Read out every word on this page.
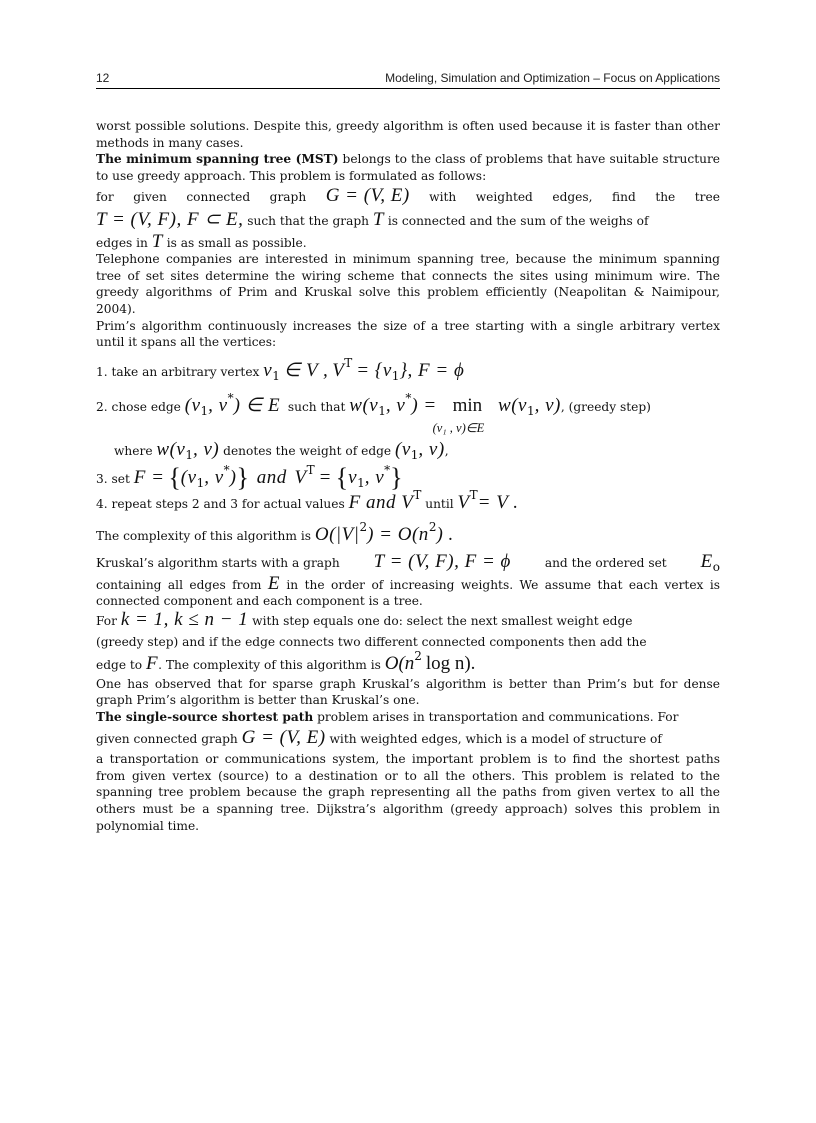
12	Modeling, Simulation and Optimization – Focus on Applications

worst possible solutions. Despite this, greedy algorithm is often used because it is faster than other methods in many cases.

The minimum spanning tree (MST) belongs to the class of problems that have suitable structure to use greedy approach. This problem is formulated as follows:

for given connected graph G = (V, E) with weighted edges, find the tree
T = (V, F), F ⊂ E, such that the graph T is connected and the sum of the weighs of
edges in T is as small as possible.

Telephone companies are interested in minimum spanning tree, because the minimum spanning tree of set sites determine the wiring scheme that connects the sites using minimum wire. The greedy algorithms of Prim and Kruskal solve this problem efficiently (Neapolitan & Naimipour, 2004).

Prim’s algorithm continuously increases the size of a tree starting with a single arbitrary vertex until it spans all the vertices:

1. take an arbitrary vertex $v_1$ ∈ V , $V^T = \{v_1\}$, F = ϕ
2. chose edge ($v_1$, v*) ∈ E such that $w(v_1$, v*) = min
(v₁ , v)∈E
$w(v_1$, v), (greedy step)
where $w(v_1$, v) denotes the weight of edge ($v_1$, v),
3. set $F = \{(v_1$, v*)} and $V^T = \{v_1$, v*}
4. repeat steps 2 and 3 for actual values F and $V^T$ until $V^T= V$ .
The complexity of this algorithm is $O(|V|^2) = O(n^2)$ .
Kruskal’s algorithm starts with a graph T = (V, F), F = ϕ	and the ordered set $E_o$

containing all edges from E in the order of increasing weights. We assume that each vertex is connected component and each component is a tree.

For k = 1, k ≤ n − 1 with step equals one do: select the next smallest weight edge

(greedy step) and if the edge connects two different connected components then add the

edge to F. The complexity of this algorithm is $O(n^2$ log n).

One has observed that for sparse graph Kruskal’s algorithm is better than Prim’s but for dense graph Prim’s algorithm is better than Kruskal’s one.

The single-source shortest path problem arises in transportation and communications. For

given connected graph G = (V, E) with weighted edges, which is a model of structure of

a transportation or communications system, the important problem is to find the shortest paths from given vertex (source) to a destination or to all the others. This problem is related to the spanning tree problem because the graph representing all the paths from given vertex to all the others must be a spanning tree. Dijkstra’s algorithm (greedy approach) solves this problem in polynomial time.
